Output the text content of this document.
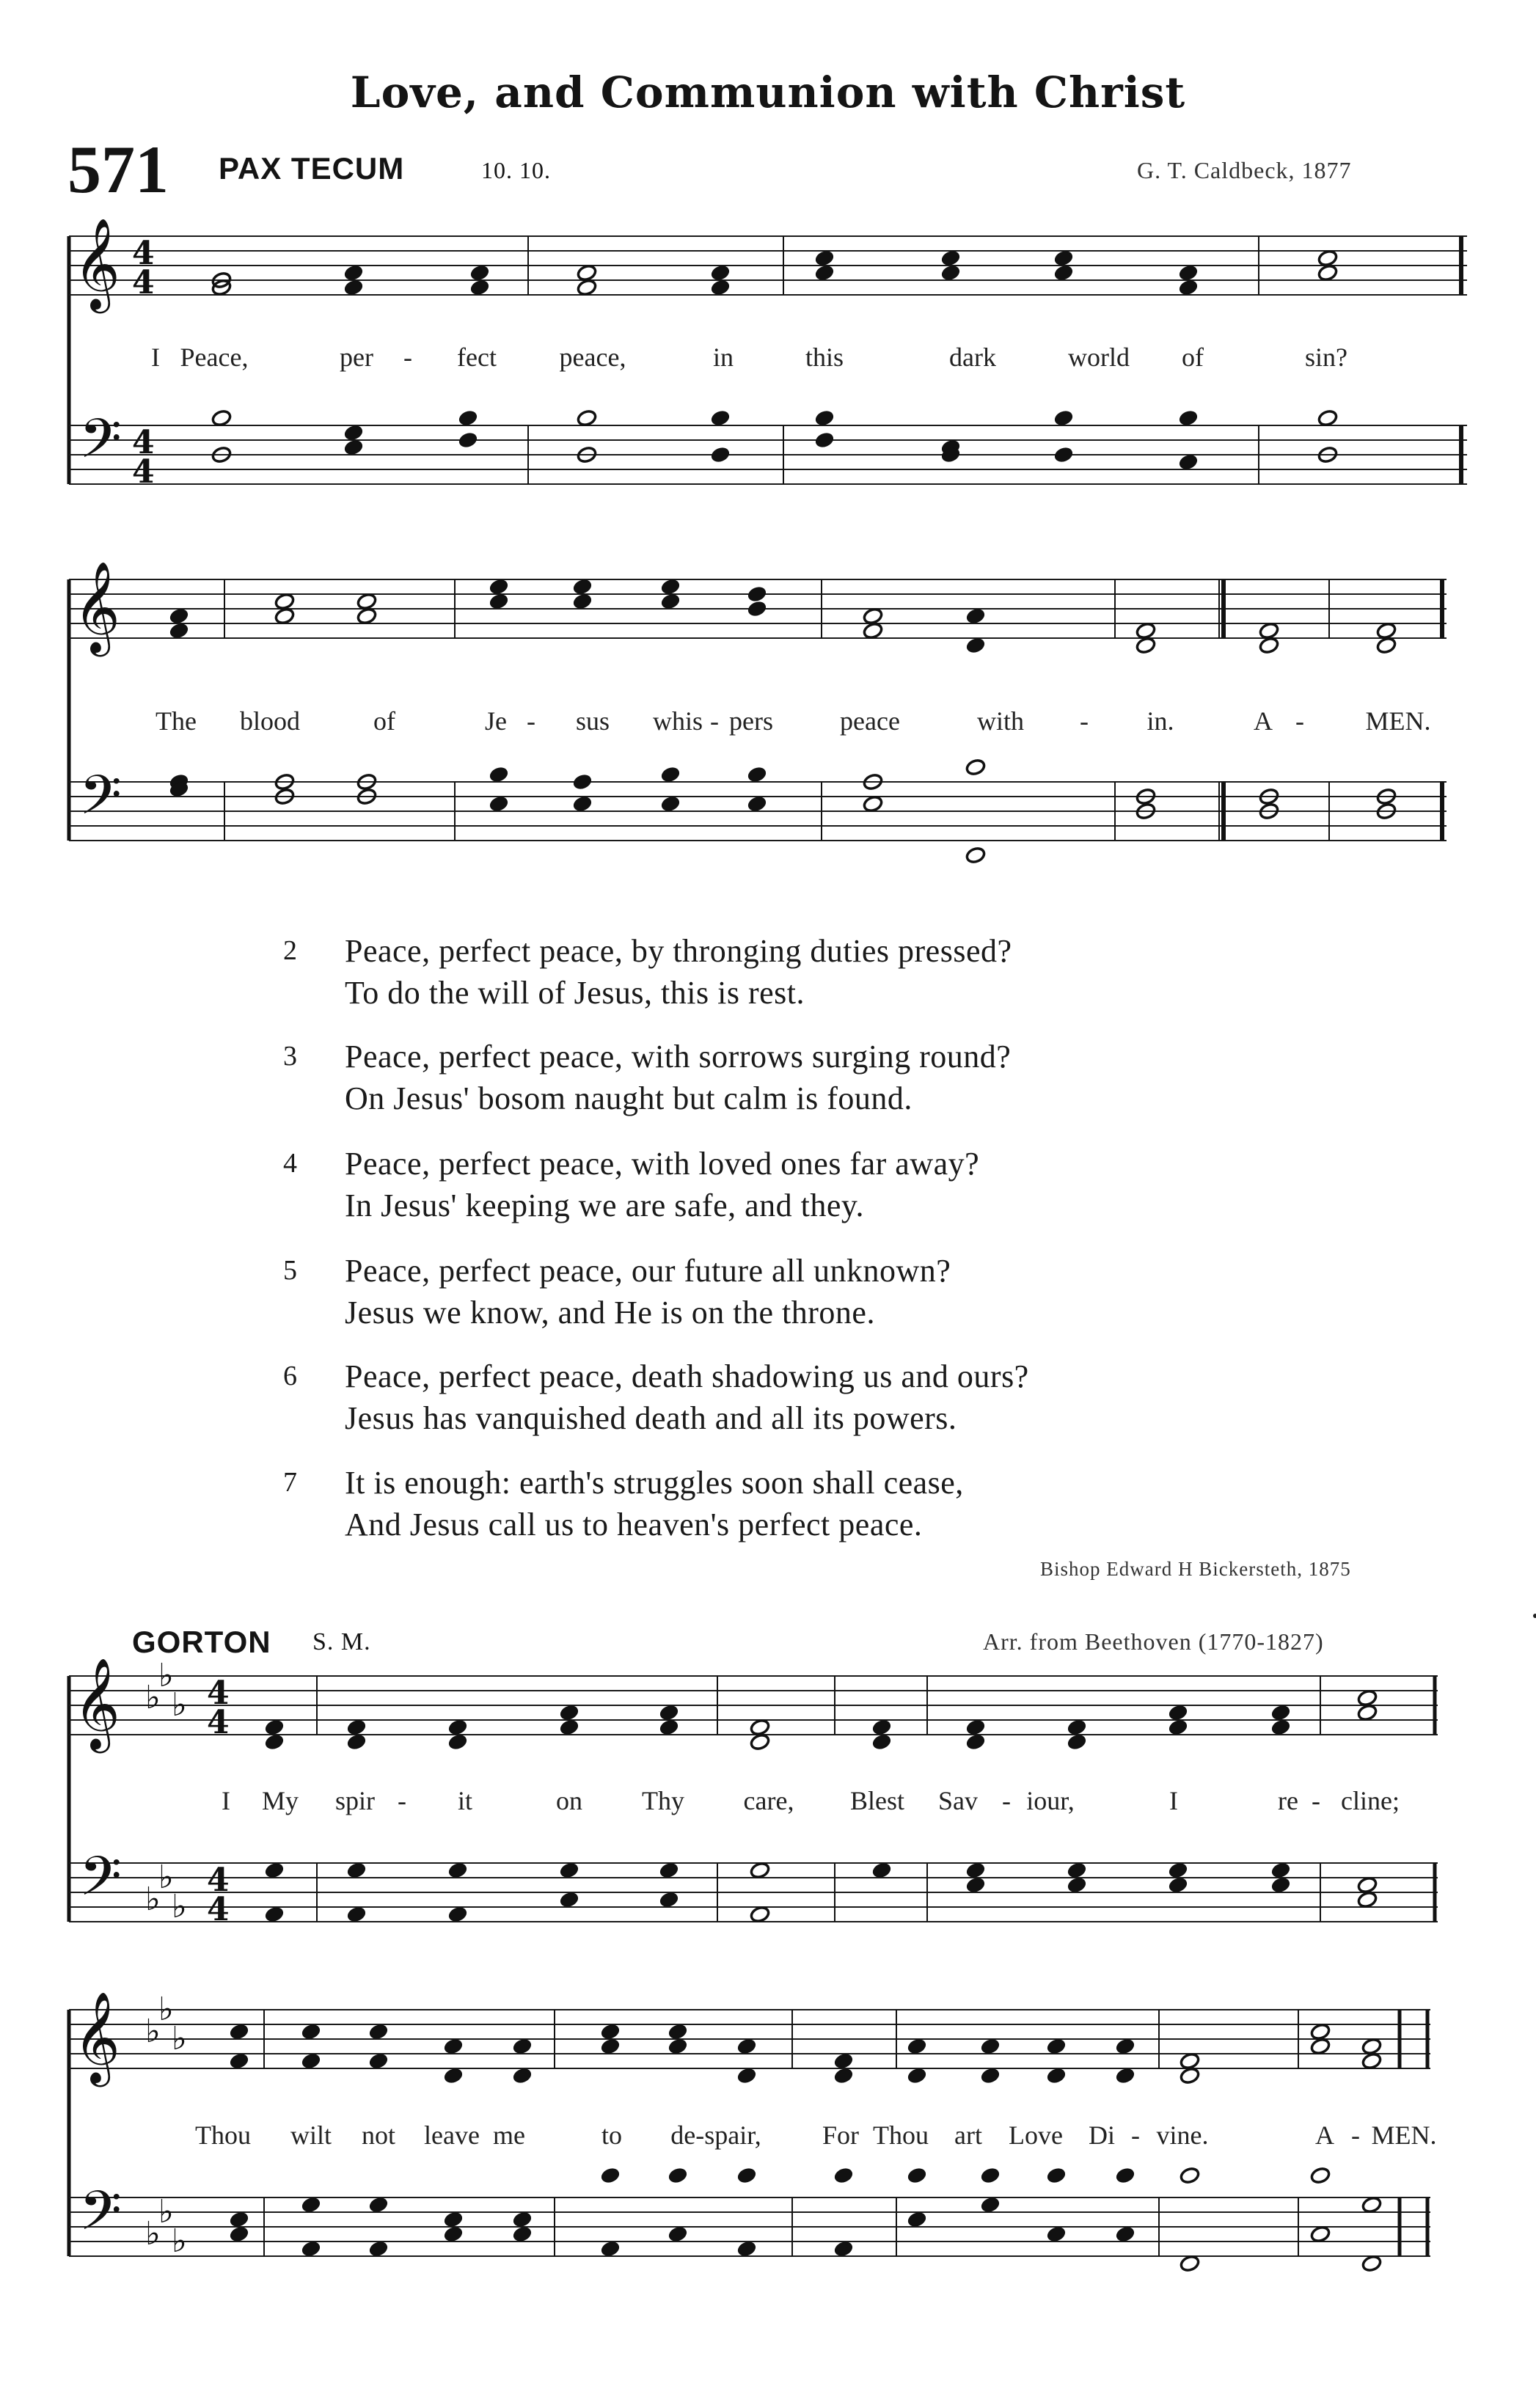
Love, and Communion with Christ
571 PAX TECUM	10. 10.	G. T. Caldbeck, 1877
𝄞
𝄢
4
4
4
4
𝄞
𝄢
𝄞
𝄢
♭
♭
♭
♭
♭
♭
4
4
4
4
𝄞
𝄢
♭
♭
♭
♭
♭
♭
I Peace,	per - fect peace,	in	this	dark	world of	sin?
The blood	of	Je - sus whis - pers	peace	with - in.	A - MEN.
2	Peace, perfect peace, by thronging duties pressed?
To do the will of Jesus, this is rest.
3	Peace, perfect peace, with sorrows surging round?
On Jesus' bosom naught but calm is found.
4	Peace, perfect peace, with loved ones far away?
In Jesus' keeping we are safe, and they.
5	Peace, perfect peace, our future all unknown?
Jesus we know, and He is on the throne.
6	Peace, perfect peace, death shadowing us and ours?
Jesus has vanquished death and all its powers.
7	It is enough: earth's struggles soon shall cease,
And Jesus call us to heaven's perfect peace.
Bishop Edward H Bickersteth, 1875
GORTON S. M.	Arr. from Beethoven (1770-1827)
I My spir - it	on Thy care, Blest Sav - iour,	I	re - cline;
Thou wilt not leave me	to de-spair, For Thou art Love Di - vine.	A - MEN.
